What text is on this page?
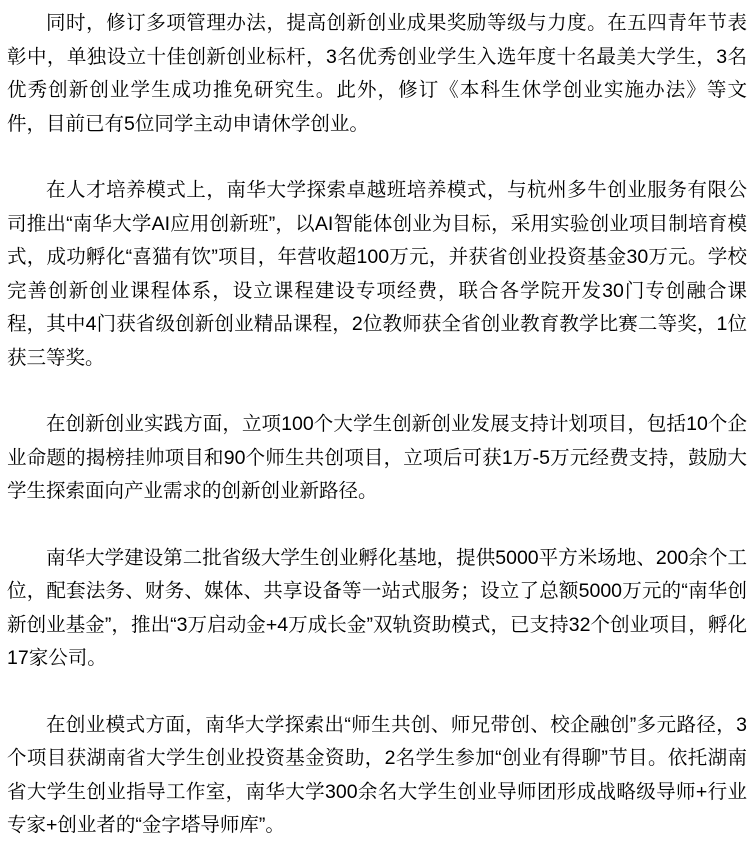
同时，修订多项管理办法，提高创新创业成果奖励等级与力度。在五四青年节表彰中，单独设立十佳创新创业标杆，3名优秀创业学生入选年度十名最美大学生，3名优秀创新创业学生成功推免研究生。此外，修订《本科生休学创业实施办法》等文件，目前已有5位同学主动申请休学创业。

在人才培养模式上，南华大学探索卓越班培养模式，与杭州多牛创业服务有限公司推出“南华大学AI应用创新班”，以AI智能体创业为目标，采用实验创业项目制培育模式，成功孵化“喜猫有饮”项目，年营收超100万元，并获省创业投资基金30万元。学校完善创新创业课程体系，设立课程建设专项经费，联合各学院开发30门专创融合课程，其中4门获省级创新创业精品课程，2位教师获全省创业教育教学比赛二等奖，1位获三等奖。

在创新创业实践方面，立项100个大学生创新创业发展支持计划项目，包括10个企业命题的揭榜挂帅项目和90个师生共创项目，立项后可获1万-5万元经费支持，鼓励大学生探索面向产业需求的创新创业新路径。

南华大学建设第二批省级大学生创业孵化基地，提供5000平方米场地、200余个工位，配套法务、财务、媒体、共享设备等一站式服务；设立了总额5000万元的“南华创新创业基金”，推出“3万启动金+4万成长金”双轨资助模式，已支持32个创业项目，孵化17家公司。

在创业模式方面，南华大学探索出“师生共创、师兄带创、校企融创”多元路径，3个项目获湖南省大学生创业投资基金资助，2名学生参加“创业有得聊”节目。依托湖南省大学生创业指导工作室，南华大学300余名大学生创业导师团形成战略级导师+行业专家+创业者的“金字塔导师库”。
